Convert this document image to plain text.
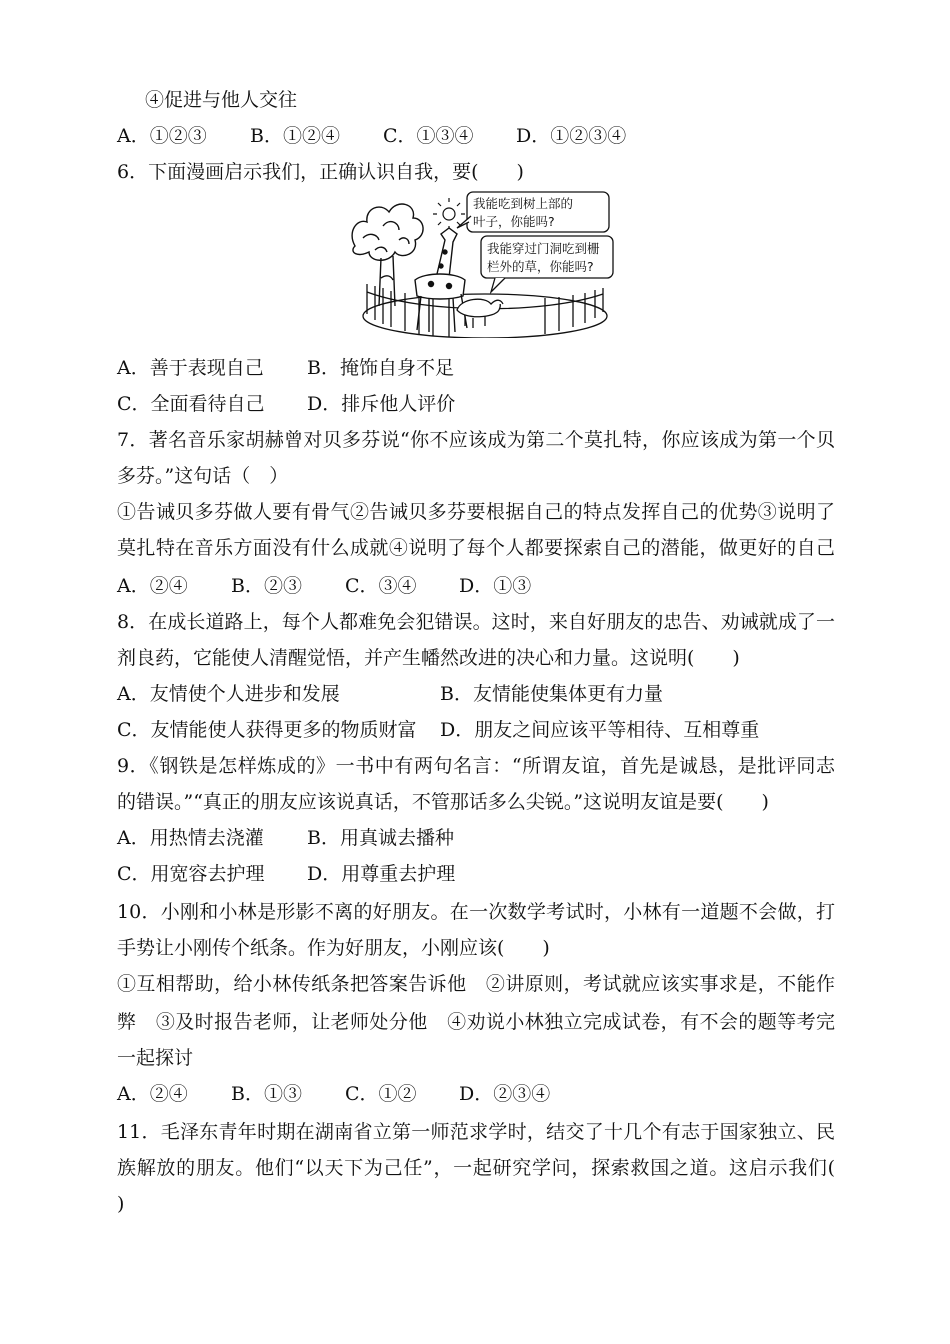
④促进与他人交往
A．①②③ B．①②④ C．①③④ D．①②③④
6．下面漫画启示我们，正确认识自我，要(　　)
我能吃到树上部的
叶子，你能吗?
我能穿过门洞吃到栅
栏外的草，你能吗?
A．善于表现自己 B．掩饰自身不足
C．全面看待自己 D．排斥他人评价
7．著名音乐家胡赫曾对贝多芬说“你不应该成为第二个莫扎特，你应该成为第一个贝
多芬。”这句话（　）
①告诫贝多芬做人要有骨气②告诫贝多芬要根据自己的特点发挥自己的优势③说明了
莫扎特在音乐方面没有什么成就④说明了每个人都要探索自己的潜能，做更好的自己
A．②④ B．②③ C．③④ D．①③
8．在成长道路上，每个人都难免会犯错误。这时，来自好朋友的忠告、劝诫就成了一
剂良药，它能使人清醒觉悟，并产生幡然改进的决心和力量。这说明(　　)
A．友情使个人进步和发展	B．友情能使集体更有力量
C．友情能使人获得更多的物质财富 D．朋友之间应该平等相待、互相尊重
9．《钢铁是怎样炼成的》一书中有两句名言：“所谓友谊，首先是诚恳，是批评同志
的错误。”“真正的朋友应该说真话，不管那话多么尖锐。”这说明友谊是要(　　)
A．用热情去浇灌 B．用真诚去播种
C．用宽容去护理 D．用尊重去护理
10．小刚和小林是形影不离的好朋友。在一次数学考试时，小林有一道题不会做，打
手势让小刚传个纸条。作为好朋友，小刚应该(　　)
①互相帮助，给小林传纸条把答案告诉他　②讲原则，考试就应该实事求是，不能作
弊　③及时报告老师，让老师处分他　④劝说小林独立完成试卷，有不会的题等考完
一起探讨
A．②④ B．①③ C．①② D．②③④
11．毛泽东青年时期在湖南省立第一师范求学时，结交了十几个有志于国家独立、民
族解放的朋友。他们“以天下为己任”，一起研究学问，探索救国之道。这启示我们(
)
